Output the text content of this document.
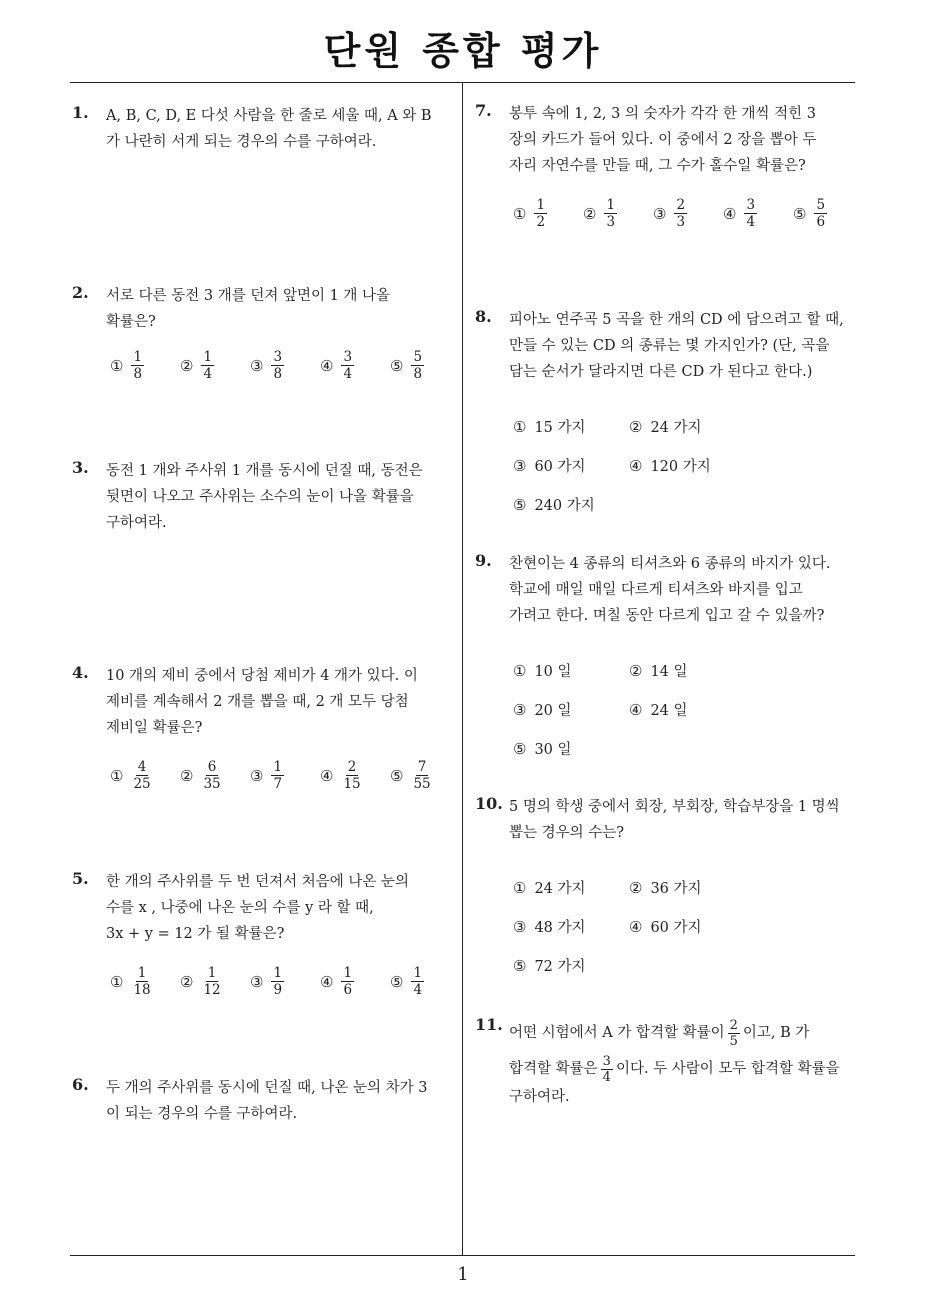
단원 종합 평가
1
1. A, B, C, D, E 다섯 사람을 한 줄로 세울 때, A 와 B
가 나란히 서게 되는 경우의 수를 구하여라.
2. 서로 다른 동전 3 개를 던져 앞면이 1 개 나올
확률은?
① $\frac{1}{8}$ ② $\frac{1}{4}$ ③ $\frac{3}{8}$ ④ $\frac{3}{4}$ ⑤ $\frac{5}{8}$
3. 동전 1 개와 주사위 1 개를 동시에 던질 때, 동전은
뒷면이 나오고 주사위는 소수의 눈이 나올 확률을
구하여라.
4. 10 개의 제비 중에서 당첨 제비가 4 개가 있다. 이
제비를 계속해서 2 개를 뽑을 때, 2 개 모두 당첨
제비일 확률은?
① $\frac{4}{25}$ ② $\frac{6}{35}$ ③ $\frac{1}{7}$ ④ $\frac{2}{15}$ ⑤ $\frac{7}{55}$
5. 한 개의 주사위를 두 번 던져서 처음에 나온 눈의
수를 x , 나중에 나온 눈의 수를 y 라 할 때,
3x + y = 12 가 될 확률은?
① $\frac{1}{18}$ ② $\frac{1}{12}$ ③ $\frac{1}{9}$ ④ $\frac{1}{6}$ ⑤ $\frac{1}{4}$
6. 두 개의 주사위를 동시에 던질 때, 나온 눈의 차가 3
이 되는 경우의 수를 구하여라.
7. 봉투 속에 1, 2, 3 의 숫자가 각각 한 개씩 적힌 3
장의 카드가 들어 있다. 이 중에서 2 장을 뽑아 두
자리 자연수를 만들 때, 그 수가 홀수일 확률은?
① $\frac{1}{2}$ ② $\frac{1}{3}$ ③ $\frac{2}{3}$ ④ $\frac{3}{4}$ ⑤ $\frac{5}{6}$
8. 피아노 연주곡 5 곡을 한 개의 CD 에 담으려고 할 때,
만들 수 있는 CD 의 종류는 몇 가지인가? (단, 곡을
담는 순서가 달라지면 다른 CD 가 된다고 한다.)
① 15 가지	② 24 가지
③ 60 가지	④ 120 가지
⑤ 240 가지
9. 찬현이는 4 종류의 티셔츠와 6 종류의 바지가 있다.
학교에 매일 매일 다르게 티셔츠와 바지를 입고
가려고 한다. 며칠 동안 다르게 입고 갈 수 있을까?
① 10 일	② 14 일
③ 20 일	④ 24 일
⑤ 30 일
10. 5 명의 학생 중에서 회장, 부회장, 학습부장을 1 명씩
뽑는 경우의 수는?
① 24 가지	② 36 가지
③ 48 가지	④ 60 가지
⑤ 72 가지
11. 어떤 시험에서 A 가 합격할 확률이 $\frac{2}{5}$ 이고, B 가
합격할 확률은 $\frac{3}{4}$ 이다. 두 사람이 모두 합격할 확률을
구하여라.
